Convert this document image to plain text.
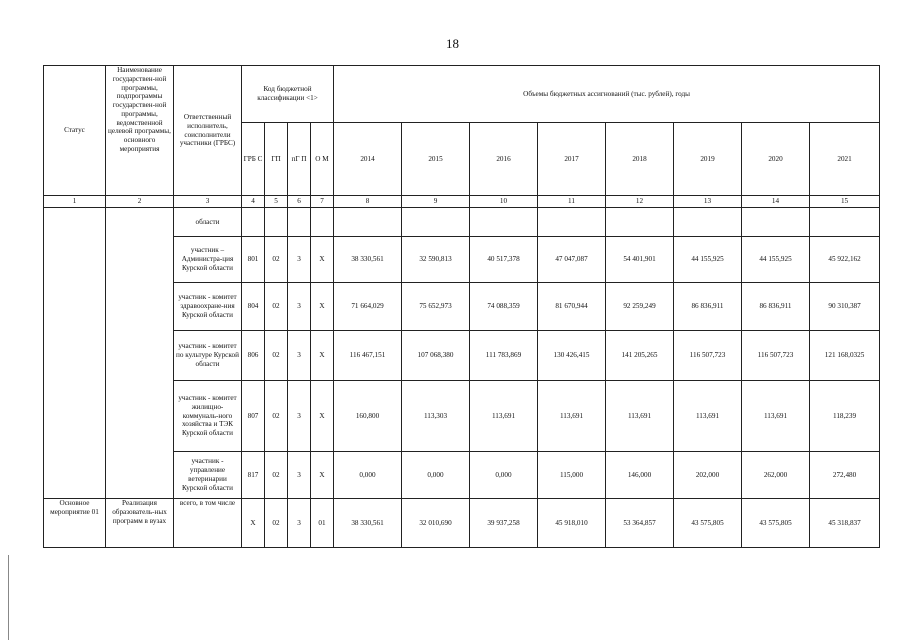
18
Статус	Наименование государствен-ной программы, подпрограммы государствен-ной программы, ведомственной целевой программы, основного мероприятия	Ответственный исполнитель, соисполнители участники (ГРБС)	Код бюджетной классификации <1>				Объемы бюджетных ассигнований (тыс. рублей), годы							
			ГРБ С	ГП	пГ П	О М	2014	2015	2016	2017	2018	2019	2020	2021
1	2	3	4	5	6	7	8	9	10	11	12	13	14	15
		области												
		участник – Администра-ция Курской области	801	02	3	X	38 330,561	32 590,813	40 517,378	47 047,087	54 401,901	44 155,925	44 155,925	45 922,162
		участник - комитет здравоохране-ния Курской области	804	02	3	X	71 664,029	75 652,973	74 088,359	81 670,944	92 259,249	86 836,911	86 836,911	90 310,387
		участник - комитет по культуре Курской области	806	02	3	X	116 467,151	107 068,380	111 783,869	130 426,415	141 205,265	116 507,723	116 507,723	121 168,0325
		участник - комитет жилищно-коммуналь-ного хозяйства и ТЭК Курской области	807	02	3	X	160,800	113,303	113,691	113,691	113,691	113,691	113,691	118,239
		участник - управление ветеринарии Курской области	817	02	3	X	0,000	0,000	0,000	115,000	146,000	202,000	262,000	272,480
Основное мероприятие 01	Реализация образователь-ных программ в вузах	всего, в том числе	X	02	3	01	38 330,561	32 010,690	39 937,258	45 918,010	53 364,857	43 575,805	43 575,805	45 318,837
